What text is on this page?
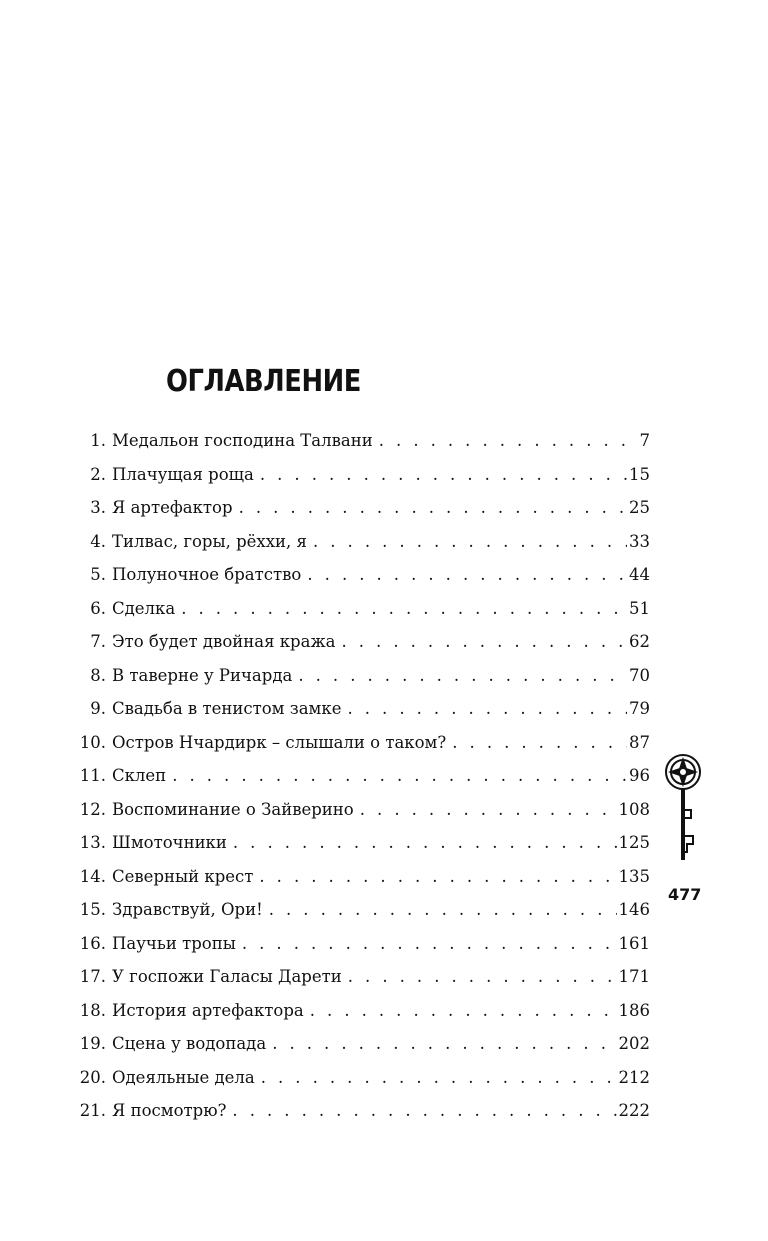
ОГЛАВЛЕНИЕ
1. Медальон господина Талвани . . .	7
2. Плачущая роща . . .	15
3. Я артефактор . . .	25
4. Тилвас, горы, рёххи, я . . .	33
5. Полуночное братство . . .	44
6. Сделка . . .	51
7. Это будет двойная кража . . .	62
8. В таверне у Ричарда . . .	70
9. Свадьба в тенистом замке . . .	79
10. Остров Нчардирк – слышали о таком? . . .	87
11. Склеп . . .	96
12. Воспоминание о Зайверино . . .	108
13. Шмоточники . . .	125
14. Северный крест . . .	135
15. Здравствуй, Ори! . . .	146
16. Паучьи тропы . . .	161
17. У госпожи Галасы Дарети . . .	171
18. История артефактора . . .	186
19. Сцена у водопада . . .	202
20. Одеяльные дела . . .	212
21. Я посмотрю? . . .	222
477
